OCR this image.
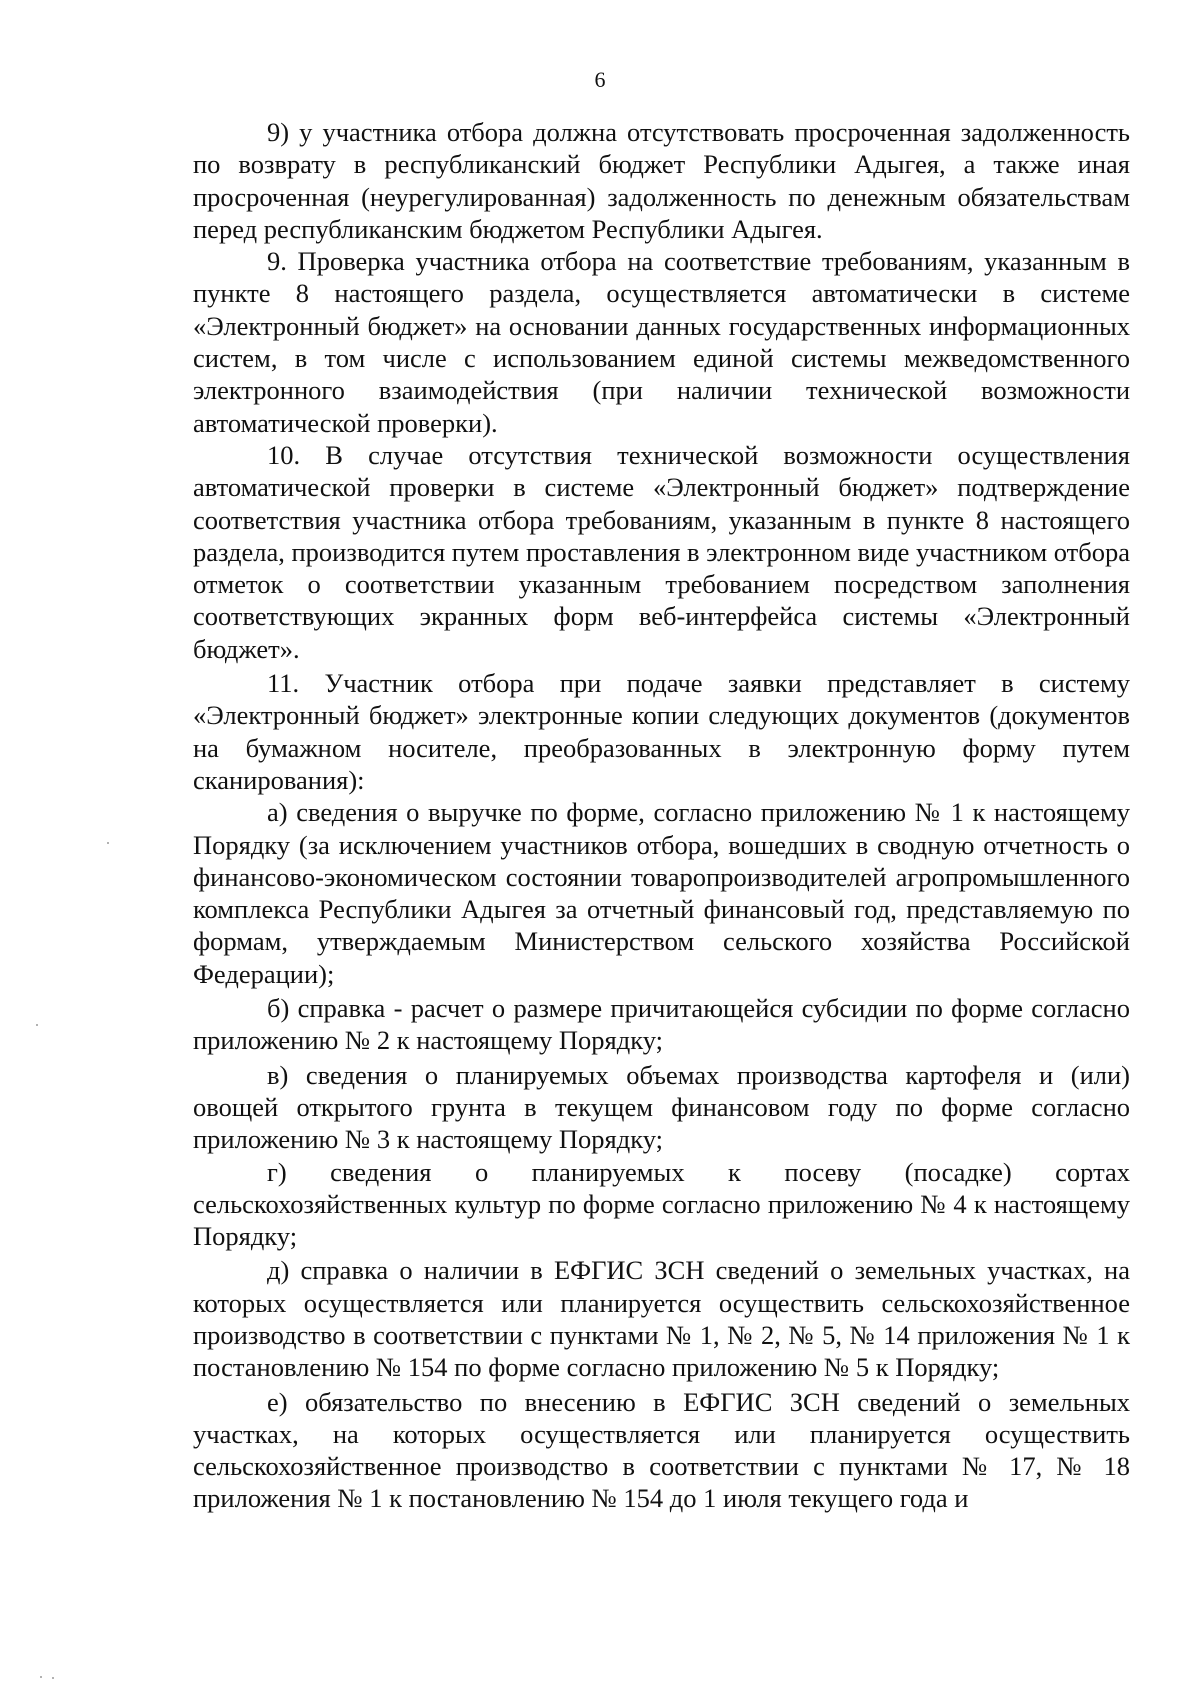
6

9) у участника отбора должна отсутствовать просроченная задолженность по возврату в республиканский бюджет Республики Адыгея, а также иная просроченная (неурегулированная) задолженность по денежным обязательствам перед республиканским бюджетом Республики Адыгея.

9. Проверка участника отбора на соответствие требованиям, указанным в пункте 8 настоящего раздела, осуществляется автоматически в системе «Электронный бюджет» на основании данных государственных информационных систем, в том числе с использованием единой системы межведомственного электронного взаимодействия (при наличии технической возможности автоматической проверки).

10. В случае отсутствия технической возможности осуществления автоматической проверки в системе «Электронный бюджет» подтверждение соответствия участника отбора требованиям, указанным в пункте 8 настоящего раздела, производится путем проставления в электронном виде участником отбора отметок о соответствии указанным требованием посредством заполнения соответствующих экранных форм веб-интерфейса системы «Электронный бюджет».

11. Участник отбора при подаче заявки представляет в систему «Электронный бюджет» электронные копии следующих документов (документов на бумажном носителе, преобразованных в электронную форму путем сканирования):

а) сведения о выручке по форме, согласно приложению № 1 к настоящему Порядку (за исключением участников отбора, вошедших в сводную отчетность о финансово-экономическом состоянии товаропроизводителей агропромышленного комплекса Республики Адыгея за отчетный финансовый год, представляемую по формам, утверждаемым Министерством сельского хозяйства Российской Федерации);

б) справка - расчет о размере причитающейся субсидии по форме согласно приложению № 2 к настоящему Порядку;

в) сведения о планируемых объемах производства картофеля и (или) овощей открытого грунта в текущем финансовом году по форме согласно приложению № 3 к настоящему Порядку;

г) сведения о планируемых к посеву (посадке) сортах сельскохозяйственных культур по форме согласно приложению № 4 к настоящему Порядку;

д) справка о наличии в ЕФГИС ЗСН сведений о земельных участках, на которых осуществляется или планируется осуществить сельскохозяйственное производство в соответствии с пунктами № 1, № 2, № 5, № 14 приложения № 1 к постановлению № 154 по форме согласно приложению № 5 к Порядку;

е) обязательство по внесению в ЕФГИС ЗСН сведений о земельных участках, на которых осуществляется или планируется осуществить сельскохозяйственное производство в соответствии с пунктами № 17, № 18 приложения № 1 к постановлению № 154 до 1 июля текущего года и
